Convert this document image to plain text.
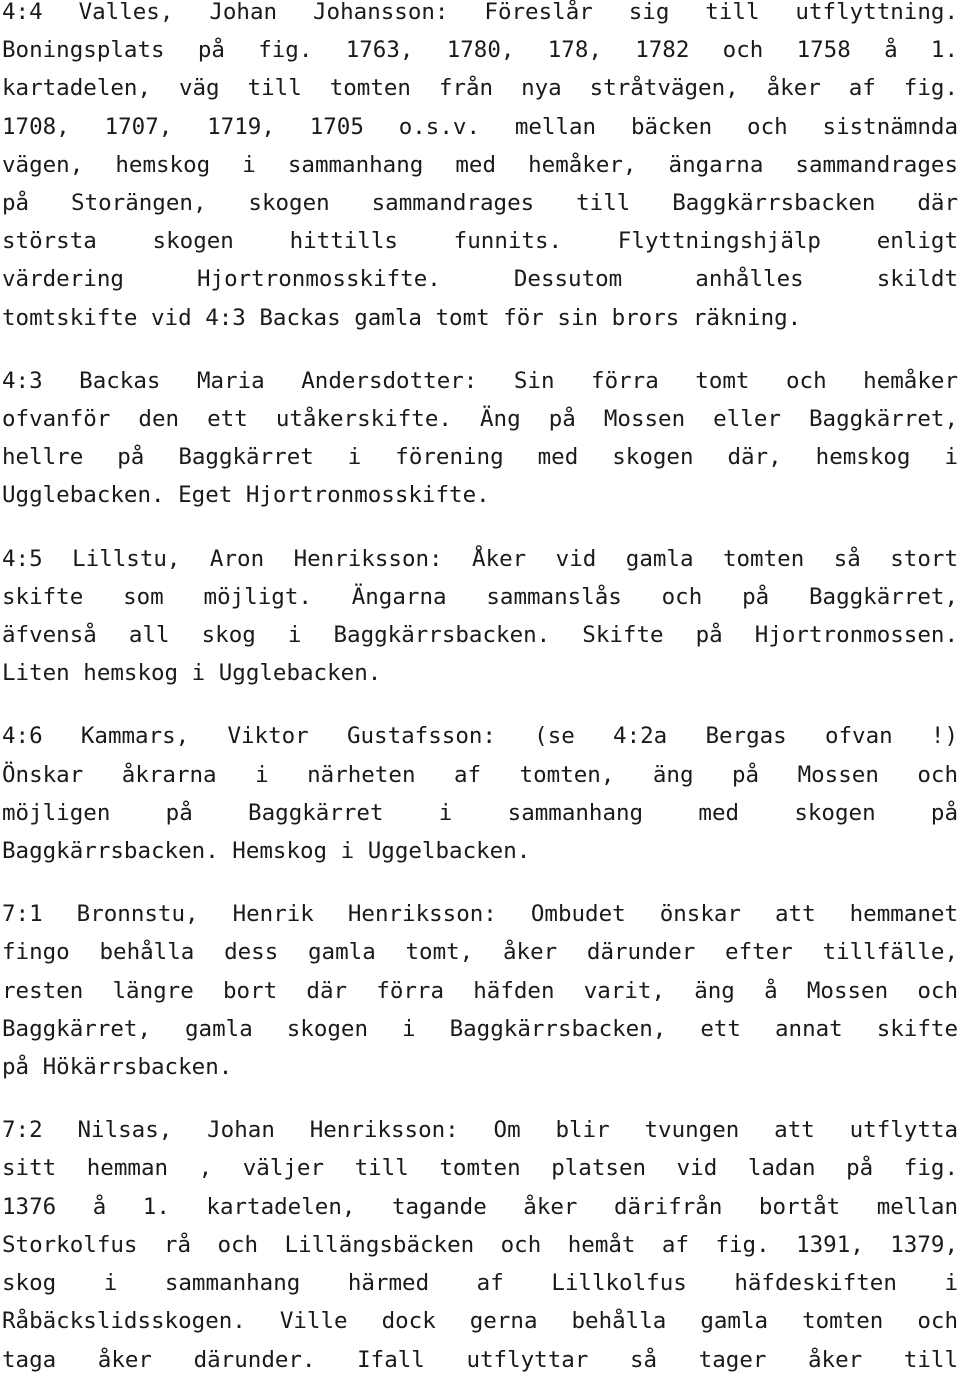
4:4 Valles, Johan Johansson: Föreslår sig till utflyttning.
Boningsplats på fig. 1763, 1780, 178, 1782 och 1758 å 1.
kartadelen, väg till tomten från nya stråtvägen, åker af fig.
1708, 1707, 1719, 1705 o.s.v. mellan bäcken och sistnämnda
vägen, hemskog i sammanhang med hemåker, ängarna sammandrages
på Storängen, skogen sammandrages till Baggkärrsbacken där
största skogen hittills funnits. Flyttningshjälp enligt
värdering Hjortronmosskifte. Dessutom anhålles skildt
tomtskifte vid 4:3 Backas gamla tomt för sin brors räkning.
4:3 Backas Maria Andersdotter: Sin förra tomt och hemåker
ofvanför den ett utåkerskifte. Äng på Mossen eller Baggkärret,
hellre på Baggkärret i förening med skogen där, hemskog i
Ugglebacken. Eget Hjortronmosskifte.
4:5 Lillstu, Aron Henriksson: Åker vid gamla tomten så stort
skifte som möjligt. Ängarna sammanslås och på Baggkärret,
äfvenså all skog i Baggkärrsbacken. Skifte på Hjortronmossen.
Liten hemskog i Ugglebacken.
4:6 Kammars, Viktor Gustafsson: (se 4:2a Bergas ofvan !)
Önskar åkrarna i närheten af tomten, äng på Mossen och
möjligen på Baggkärret i sammanhang med skogen på
Baggkärrsbacken. Hemskog i Uggelbacken.
7:1 Bronnstu, Henrik Henriksson: Ombudet önskar att hemmanet
fingo behålla dess gamla tomt, åker därunder efter tillfälle,
resten längre bort där förra häfden varit, äng å Mossen och
Baggkärret, gamla skogen i Baggkärrsbacken, ett annat skifte
på Hökärrsbacken.
7:2 Nilsas, Johan Henriksson: Om blir tvungen att utflytta
sitt hemman , väljer till tomten platsen vid ladan på fig.
1376 å 1. kartadelen, tagande åker därifrån bortåt mellan
Storkolfus rå och Lillängsbäcken och hemåt af fig. 1391, 1379,
skog i sammanhang härmed af Lillkolfus häfdeskiften i
Råbäckslidsskogen. Ville dock gerna behålla gamla tomten och
taga åker därunder. Ifall utflyttar så tager åker till
